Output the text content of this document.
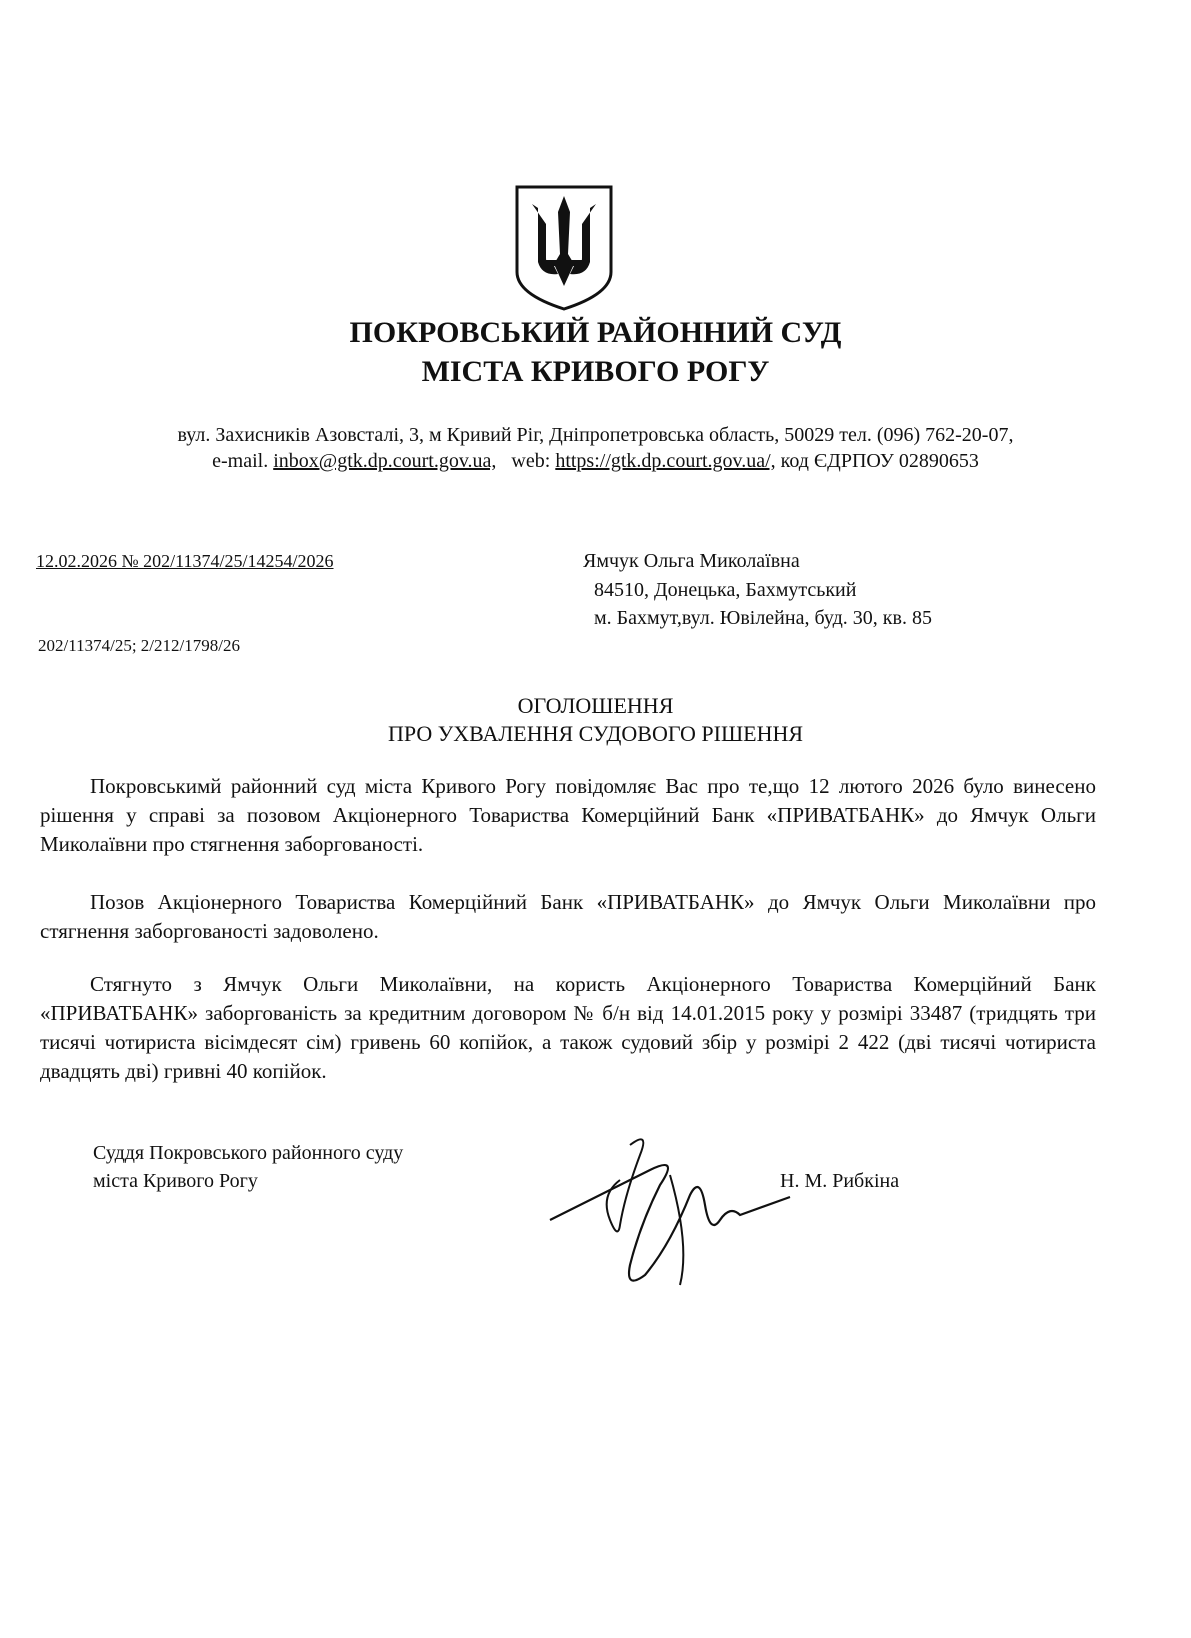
ПОКРОВСЬКИЙ РАЙОННИЙ СУД
МІСТА КРИВОГО РОГУ
вул. Захисників Азовсталі, 3, м Кривий Ріг, Дніпропетровська область, 50029 тел. (096) 762-20-07,
e-mail. inbox@gtk.dp.court.gov.ua, web: https://gtk.dp.court.gov.ua/, код ЄДРПОУ 02890653
12.02.2026 № 202/11374/25/14254/2026
202/11374/25; 2/212/1798/26
Ямчук Ольга Миколаївна
84510, Донецька, Бахмутський
м. Бахмут,вул. Ювілейна, буд. 30, кв. 85
ОГОЛОШЕННЯ
ПРО УХВАЛЕННЯ СУДОВОГО РІШЕННЯ

Покровськимй районний суд міста Кривого Рогу повідомляє Вас про те,що 12 лютого 2026 було винесено рішення у справі за позовом Акціонерного Товариства Комерційний Банк «ПРИВАТБАНК» до Ямчук Ольги Миколаївни про стягнення заборгованості.

Позов Акціонерного Товариства Комерційний Банк «ПРИВАТБАНК» до Ямчук Ольги Миколаївни про стягнення заборгованості задоволено.

Стягнуто з Ямчук Ольги Миколаївни, на користь Акціонерного Товариства Комерційний Банк «ПРИВАТБАНК» заборгованість за кредитним договором № б/н від 14.01.2015 року у розмірі 33487 (тридцять три тисячі чотириста вісімдесят сім) гривень 60 копійок, а також судовий збір у розмірі 2 422 (дві тисячі чотириста двадцять дві) гривні 40 копійок.

Суддя Покровського районного суду
міста Кривого Рогу	Н. М. Рибкіна
